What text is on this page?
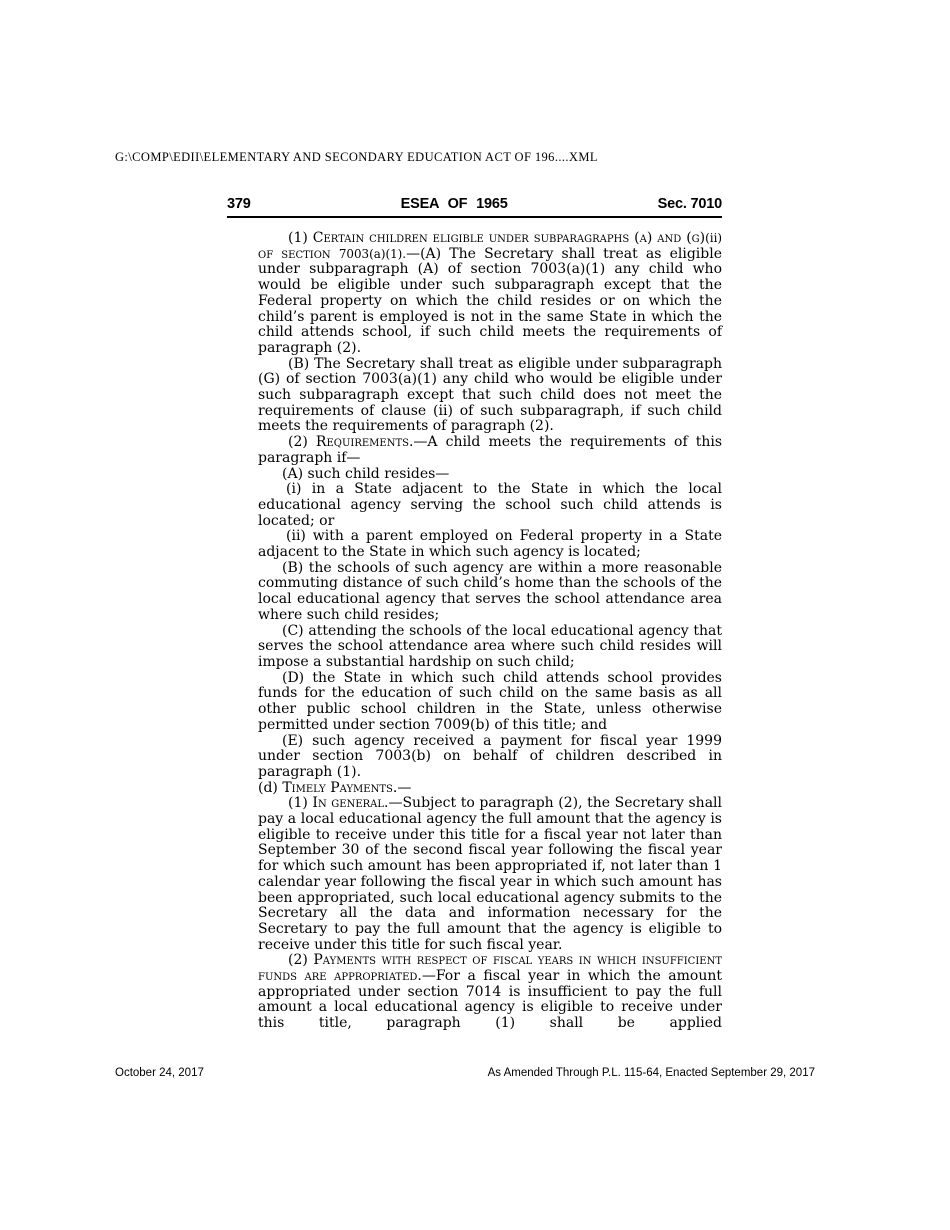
G:\COMP\EDII\ELEMENTARY AND SECONDARY EDUCATION ACT OF 196....XML
379	ESEA OF 1965	Sec. 7010

(1) Certain children eligible under subparagraphs (a) and (g)(ii) of section 7003(a)(1).—(A) The Secretary shall treat as eligible under subparagraph (A) of section 7003(a)(1) any child who would be eligible under such subparagraph except that the Federal property on which the child resides or on which the child’s parent is employed is not in the same State in which the child attends school, if such child meets the requirements of paragraph (2).

(B) The Secretary shall treat as eligible under subparagraph (G) of section 7003(a)(1) any child who would be eligible under such subparagraph except that such child does not meet the requirements of clause (ii) of such subparagraph, if such child meets the requirements of paragraph (2).

(2) Requirements.—A child meets the requirements of this paragraph if—

(A) such child resides—

(i) in a State adjacent to the State in which the local educational agency serving the school such child attends is located; or

(ii) with a parent employed on Federal property in a State adjacent to the State in which such agency is located;

(B) the schools of such agency are within a more reasonable commuting distance of such child’s home than the schools of the local educational agency that serves the school attendance area where such child resides;

(C) attending the schools of the local educational agency that serves the school attendance area where such child resides will impose a substantial hardship on such child;

(D) the State in which such child attends school provides funds for the education of such child on the same basis as all other public school children in the State, unless otherwise permitted under section 7009(b) of this title; and

(E) such agency received a payment for fiscal year 1999 under section 7003(b) on behalf of children described in paragraph (1).

(d) Timely Payments.—

(1) In general.—Subject to paragraph (2), the Secretary shall pay a local educational agency the full amount that the agency is eligible to receive under this title for a fiscal year not later than September 30 of the second fiscal year following the fiscal year for which such amount has been appropriated if, not later than 1 calendar year following the fiscal year in which such amount has been appropriated, such local educational agency submits to the Secretary all the data and information necessary for the Secretary to pay the full amount that the agency is eligible to receive under this title for such fiscal year.

(2) Payments with respect of fiscal years in which insufficient funds are appropriated.—For a fiscal year in which the amount appropriated under section 7014 is insufficient to pay the full amount a local educational agency is eligible to receive under this title, paragraph (1) shall be applied

October 24, 2017	As Amended Through P.L. 115-64, Enacted September 29, 2017
